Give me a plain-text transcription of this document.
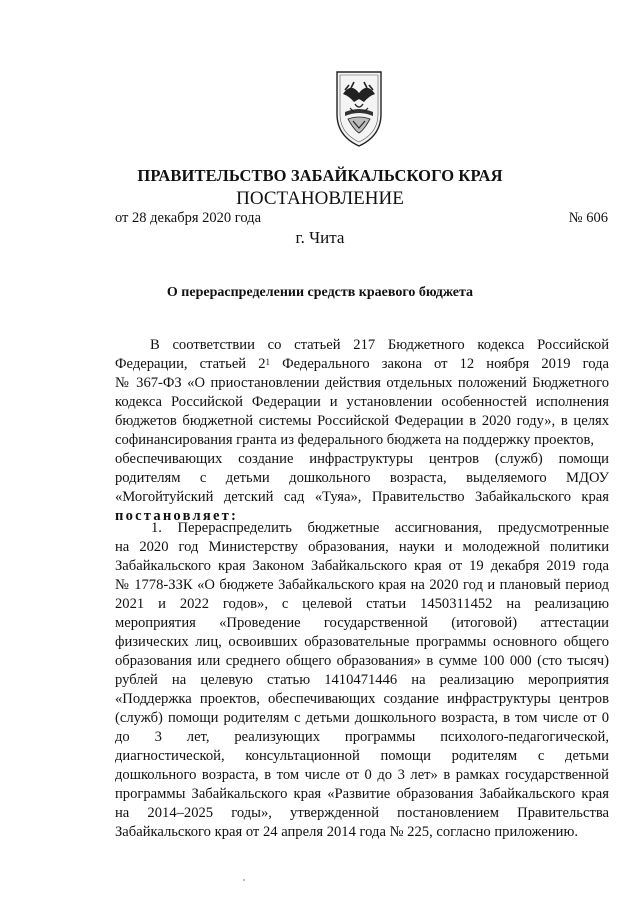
ПРАВИТЕЛЬСТВО ЗАБАЙКАЛЬСКОГО КРАЯ
ПОСТАНОВЛЕНИЕ
от 28 декабря 2020 года	№ 606
г. Чита
О перераспределении средств краевого бюджета
В соответствии со статьей 217 Бюджетного кодекса Российской
Федерации, статьей $2^1$ Федерального закона от 12 ноября 2019 года
№ 367-ФЗ «О приостановлении действия отдельных положений Бюджетного
кодекса Российской Федерации и установлении особенностей исполнения
бюджетов бюджетной системы Российской Федерации в 2020 году», в целях
софинансирования гранта из федерального бюджета на поддержку проектов,
обеспечивающих создание инфраструктуры центров (служб) помощи
родителям с детьми дошкольного возраста, выделяемого МДОУ
«Могойтуйский детский сад «Туяа», Правительство Забайкальского края
постановляет:
1. Перераспределить бюджетные ассигнования, предусмотренные
на 2020 год Министерству образования, науки и молодежной политики
Забайкальского края Законом Забайкальского края от 19 декабря 2019 года
№ 1778-ЗЗК «О бюджете Забайкальского края на 2020 год и плановый период
2021 и 2022 годов», с целевой статьи 1450311452 на реализацию
мероприятия «Проведение государственной (итоговой) аттестации
физических лиц, освоивших образовательные программы основного общего
образования или среднего общего образования» в сумме 100 000 (сто тысяч)
рублей на целевую статью 1410471446 на реализацию мероприятия
«Поддержка проектов, обеспечивающих создание инфраструктуры центров
(служб) помощи родителям с детьми дошкольного возраста, в том числе от 0
до 3 лет, реализующих программы психолого-педагогической,
диагностической, консультационной помощи родителям с детьми
дошкольного возраста, в том числе от 0 до 3 лет» в рамках государственной
программы Забайкальского края «Развитие образования Забайкальского края
на 2014–2025 годы», утвержденной постановлением Правительства
Забайкальского края от 24 апреля 2014 года № 225, согласно приложению.
